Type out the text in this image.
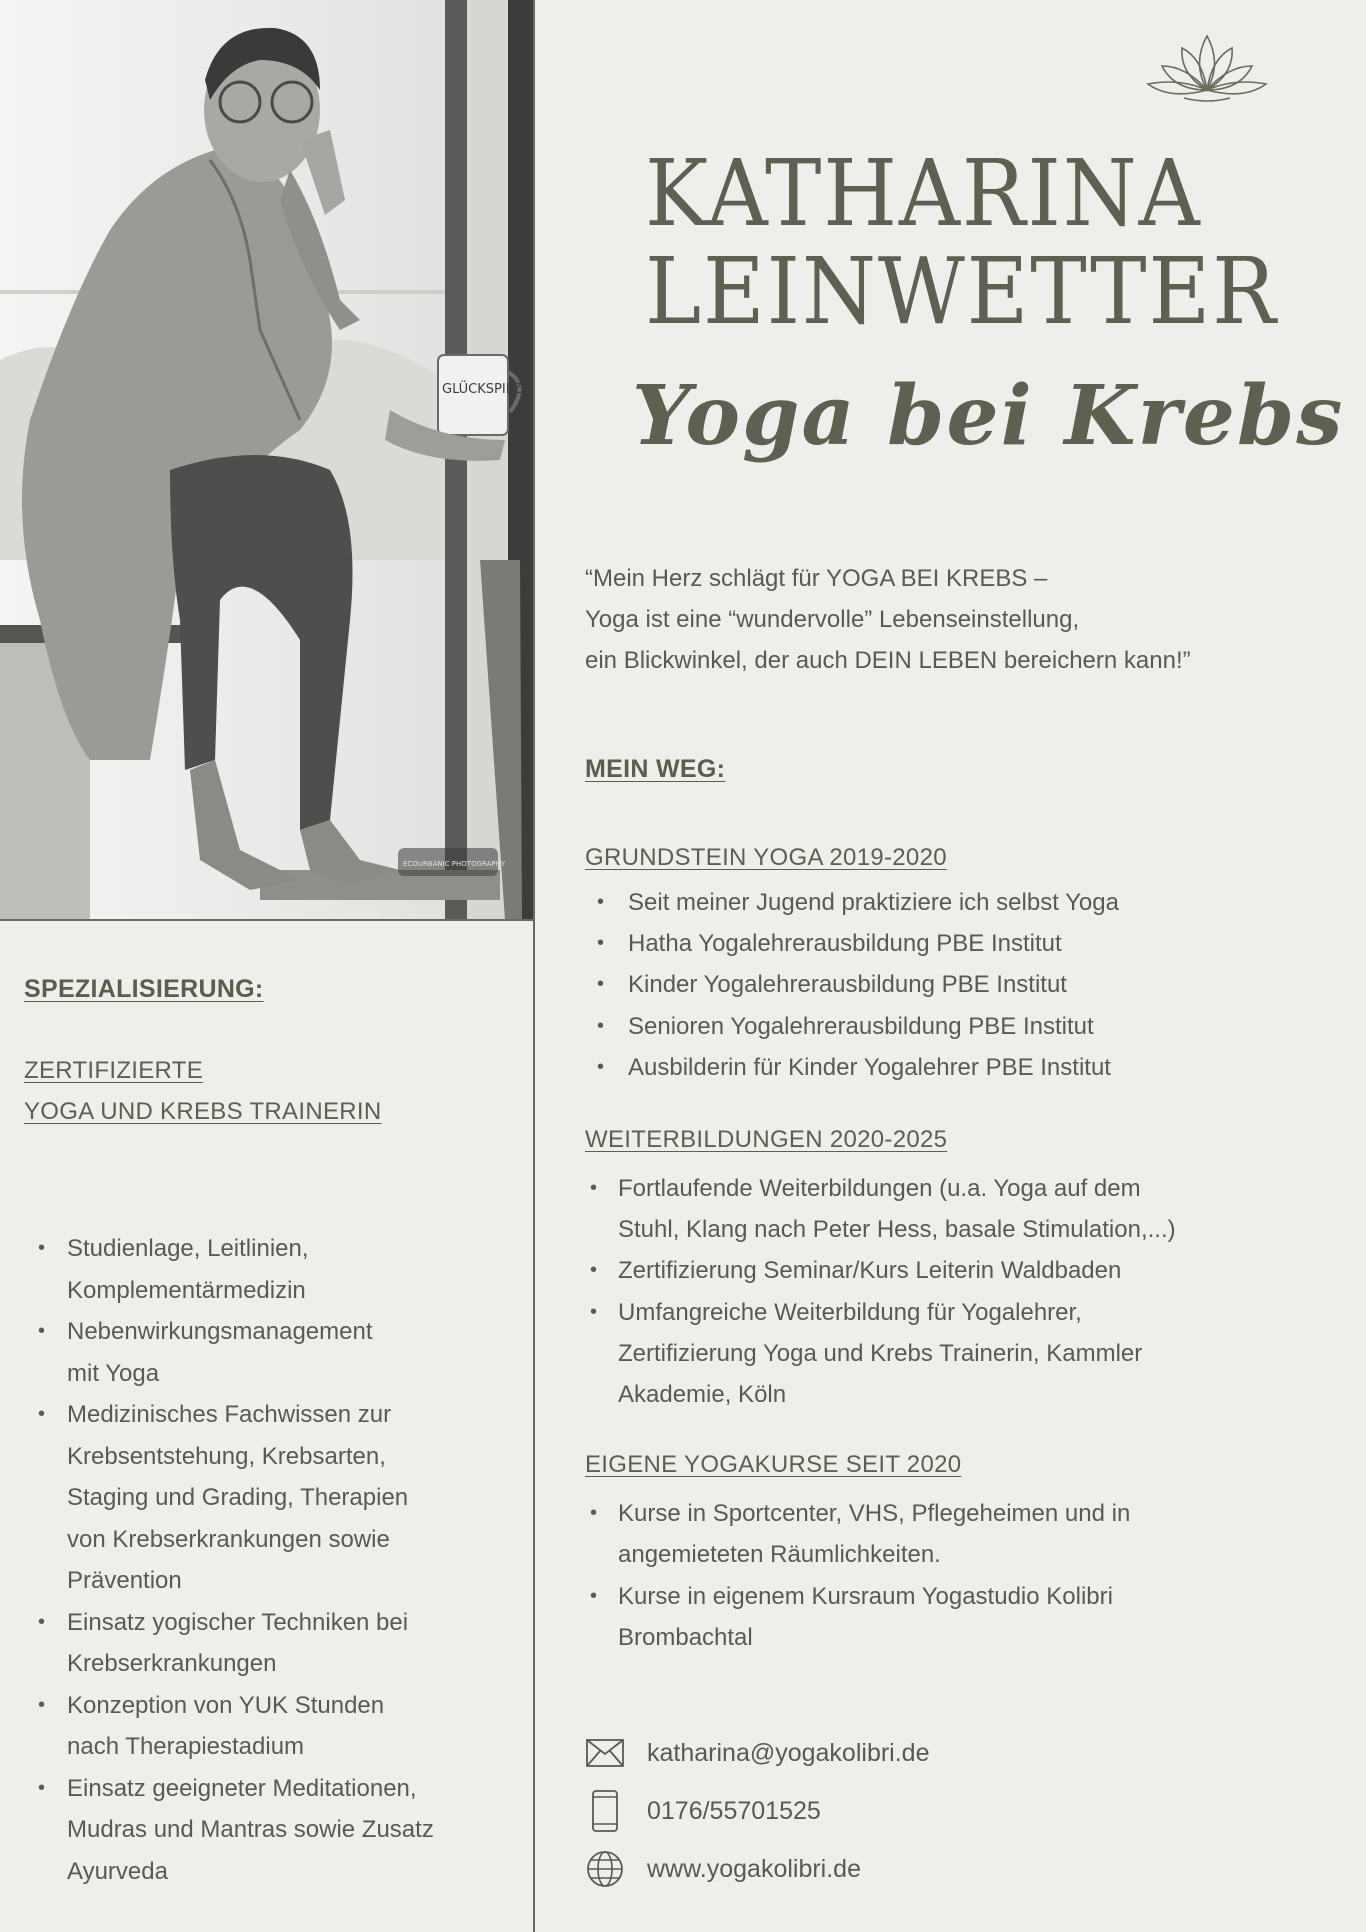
GLÜCKSPILZ
ECOURBANIC PHOTOGRAPHY
KATHARINA
LEINWETTER
Yoga bei Krebs
“Mein Herz schlägt für YOGA BEI KREBS –
Yoga ist eine “wundervolle” Lebenseinstellung,
ein Blickwinkel, der auch DEIN LEBEN bereichern kann!”
SPEZIALISIERUNG:
ZERTIFIZIERTE
YOGA UND KREBS TRAINERIN
• Studienlage, Leitlinien,
Komplementärmedizin
• Nebenwirkungsmanagement
mit Yoga
• Medizinisches Fachwissen zur
Krebsentstehung, Krebsarten,
Staging und Grading, Therapien
von Krebserkrankungen sowie
Prävention
• Einsatz yogischer Techniken bei
Krebserkrankungen
• Konzeption von YUK Stunden
nach Therapiestadium
• Einsatz geeigneter Meditationen,
Mudras und Mantras sowie Zusatz
Ayurveda
MEIN WEG:
GRUNDSTEIN YOGA 2019-2020
• Seit meiner Jugend praktiziere ich selbst Yoga
• Hatha Yogalehrerausbildung PBE Institut
• Kinder Yogalehrerausbildung PBE Institut
• Senioren Yogalehrerausbildung PBE Institut
• Ausbilderin für Kinder Yogalehrer PBE Institut
WEITERBILDUNGEN 2020-2025
• Fortlaufende Weiterbildungen (u.a. Yoga auf dem
Stuhl, Klang nach Peter Hess, basale Stimulation,...)
• Zertifizierung Seminar/Kurs Leiterin Waldbaden
• Umfangreiche Weiterbildung für Yogalehrer,
Zertifizierung Yoga und Krebs Trainerin, Kammler
Akademie, Köln
EIGENE YOGAKURSE SEIT 2020
• Kurse in Sportcenter, VHS, Pflegeheimen und in
angemieteten Räumlichkeiten.
• Kurse in eigenem Kursraum Yogastudio Kolibri
Brombachtal
katharina@yogakolibri.de
0176/55701525
www.yogakolibri.de
